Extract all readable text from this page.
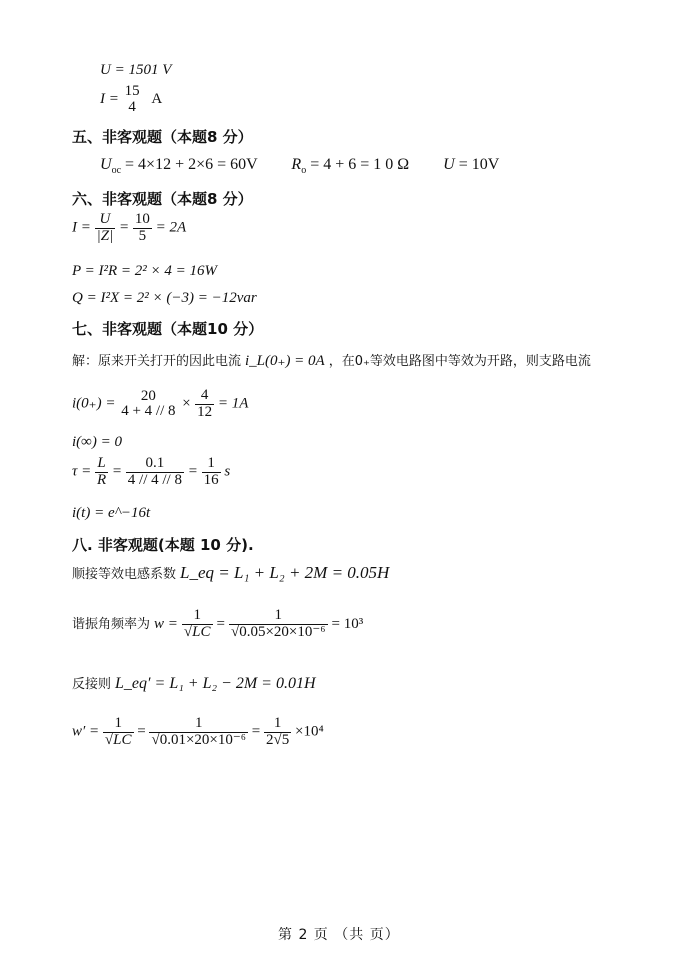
U = 1501 V
I =
15
4	A
五、非客观题（本题8 分）
$U_{oc} = 4\times 12 + 2\times 6 = 60V$ $R_o = 4 + 6 = 1$ 0 Ω U = 10V
六、非客观题（本题8 分）
$I = \frac{U}{|Z|} = \frac{10}{5} = 2A$
P = I²R = 2² × 4 = 16W
Q = I²X = 2² × (−3) = −12var
七、非客观题（本题10 分）
解：原来开关打开的因此电流 i_L(0₊) = 0A ，在0₊等效电路图中等效为开路，则支路电流
i(0₊) =
20
$4 + 4 // 8 \times \frac{4}{12} = 1A$
i(∞) = 0
$\tau = \frac{L}{R} = \frac{0.1}{4 // 4 // 8} = \frac{1}{16}$ s
i(t) = e^−16t
八. 非客观题(本题 10 分).
顺接等效电感系数 L_eq = L₁ + L₂ + 2M = 0.05H
谐振角频率为 $w = \frac{1}{√LC} = \frac{1}{\text{√0.05×20×10⁻⁶}} = 10^3$
反接则 L_eq′ = L₁ + L₂ − 2M = 0.01H
$w' = \frac{1}{√LC} = \frac{1}{\text{√0.01×20×10⁻⁶}} = \frac{1}{2√5} \times 10^4$
第 2 页 （共 页）
